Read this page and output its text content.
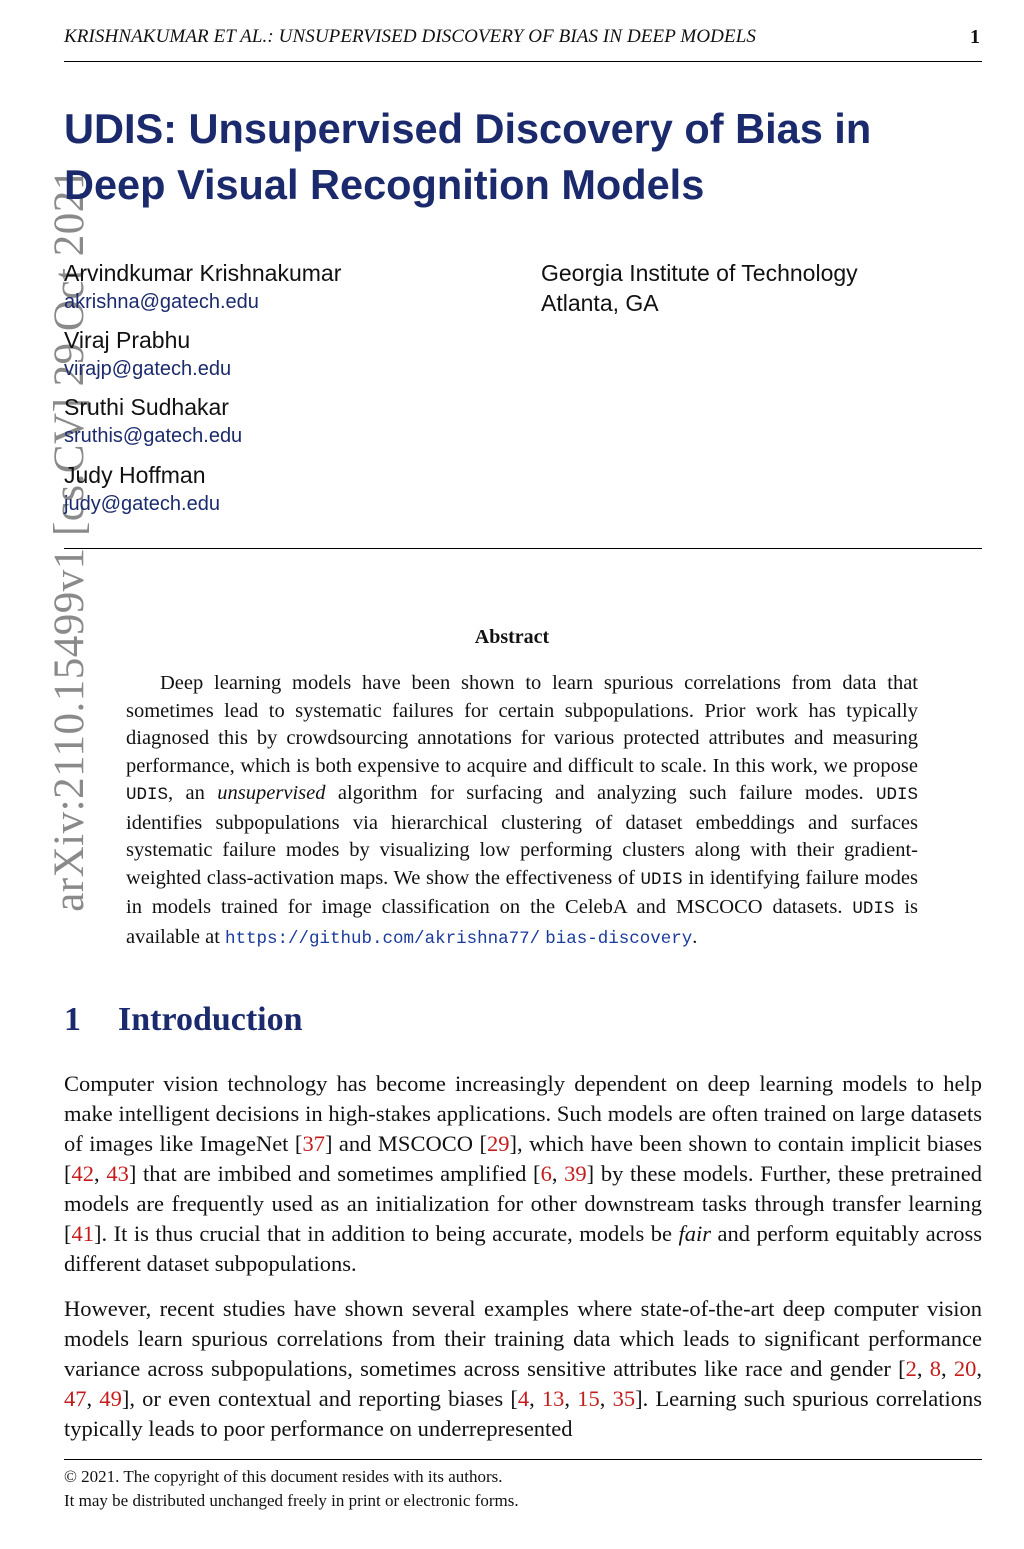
KRISHNAKUMAR ET AL.: UNSUPERVISED DISCOVERY OF BIAS IN DEEP MODELS	1
arXiv:2110.15499v1 [cs.CV] 29 Oct 2021
UDIS: Unsupervised Discovery of Bias in
Deep Visual Recognition Models
Arvindkumar Krishnakumar
akrishna@gatech.edu
Viraj Prabhu
virajp@gatech.edu
Sruthi Sudhakar
sruthis@gatech.edu
Judy Hoffman
judy@gatech.edu
Georgia Institute of Technology
Atlanta, GA
Abstract

Deep learning models have been shown to learn spurious correlations from data that sometimes lead to systematic failures for certain subpopulations. Prior work has typically diagnosed this by crowdsourcing annotations for various protected attributes and measuring performance, which is both expensive to acquire and difficult to scale. In this work, we propose UDIS, an unsupervised algorithm for surfacing and analyzing such failure modes. UDIS identifies subpopulations via hierarchical clustering of dataset embeddings and surfaces systematic failure modes by visualizing low performing clusters along with their gradient-weighted class-activation maps. We show the effectiveness of UDIS in identifying failure modes in models trained for image classification on the CelebA and MSCOCO datasets. UDIS is available at https://github.com/akrishna77/ bias-discovery.

1 Introduction

Computer vision technology has become increasingly dependent on deep learning models to help make intelligent decisions in high-stakes applications. Such models are often trained on large datasets of images like ImageNet [37] and MSCOCO [29], which have been shown to contain implicit biases [42, 43] that are imbibed and sometimes amplified [6, 39] by these models. Further, these pretrained models are frequently used as an initialization for other downstream tasks through transfer learning [41]. It is thus crucial that in addition to being accurate, models be fair and perform equitably across different dataset subpopulations.

However, recent studies have shown several examples where state-of-the-art deep computer vision models learn spurious correlations from their training data which leads to significant performance variance across subpopulations, sometimes across sensitive attributes like race and gender [2, 8, 20, 47, 49], or even contextual and reporting biases [4, 13, 15, 35]. Learning such spurious correlations typically leads to poor performance on underrepresented

© 2021. The copyright of this document resides with its authors.
It may be distributed unchanged freely in print or electronic forms.
